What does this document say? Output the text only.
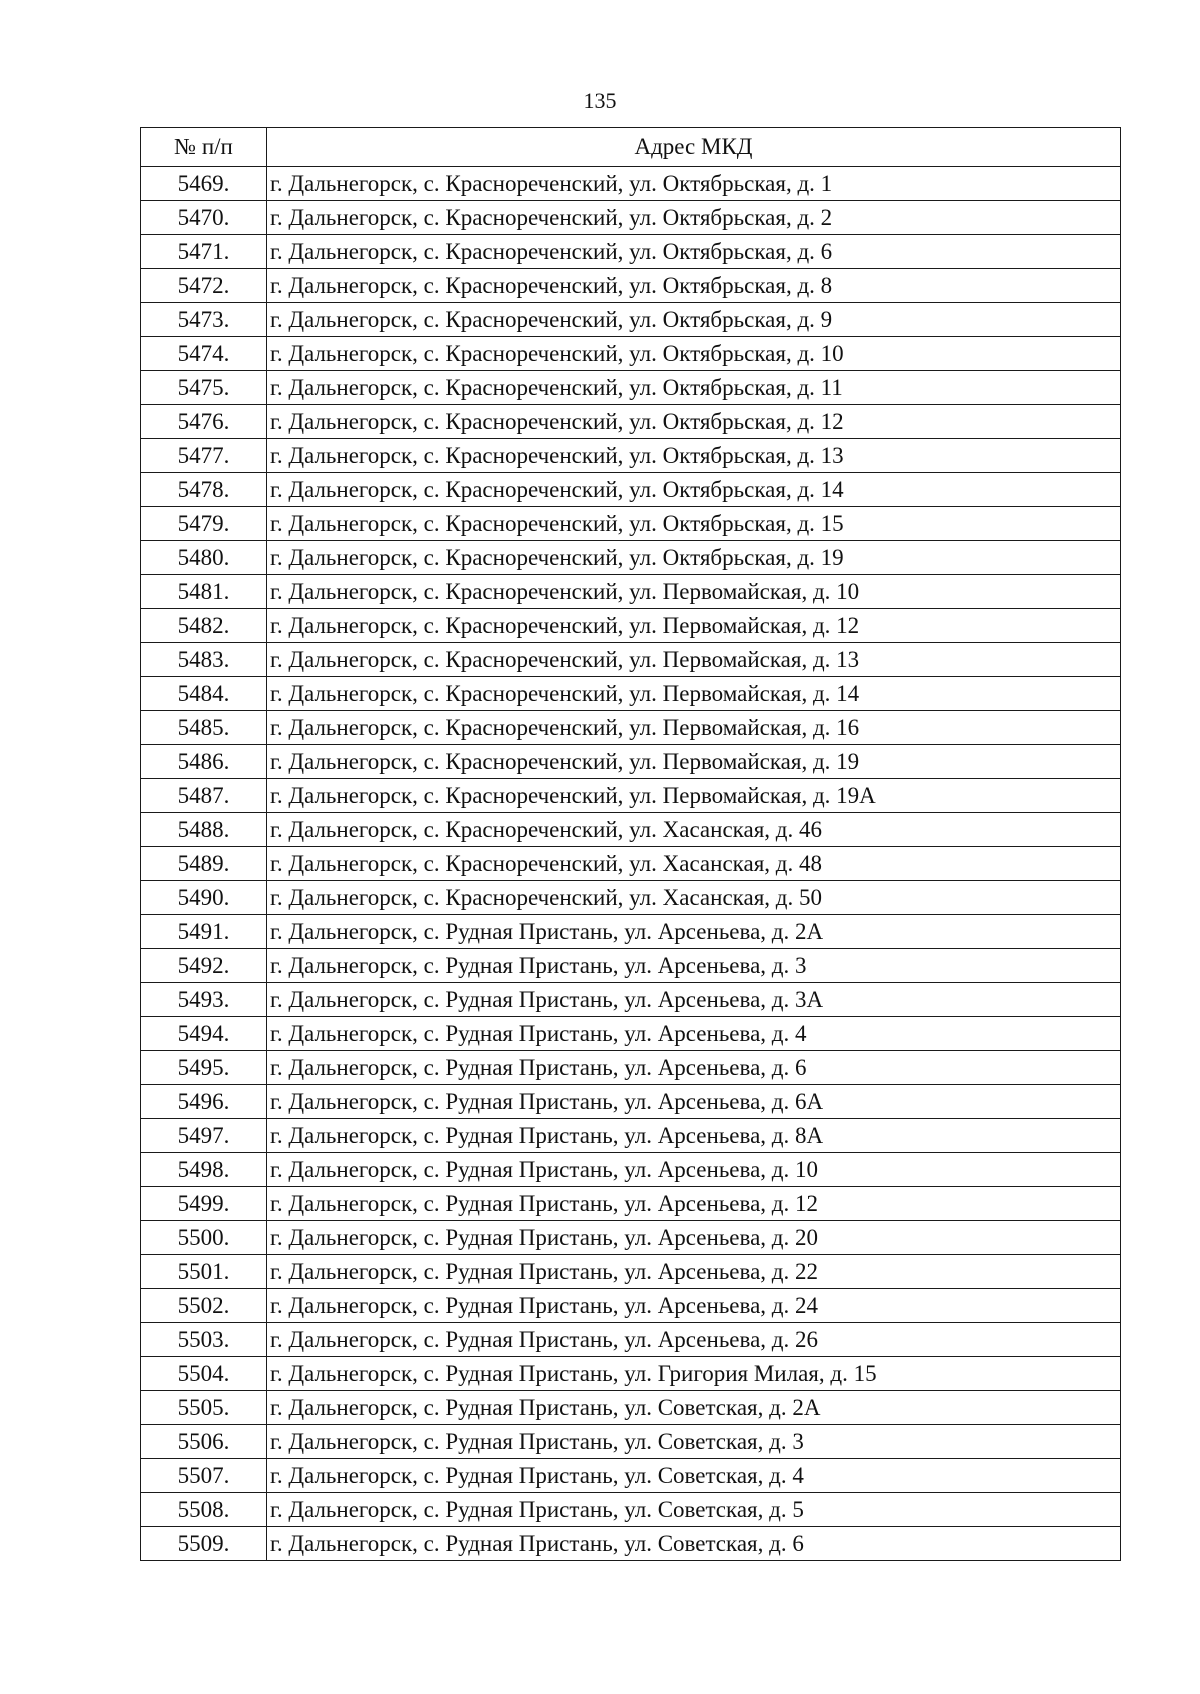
135
№ п/п	Адрес МКД
5469.	г. Дальнегорск, с. Краснореченский, ул. Октябрьская, д. 1
5470.	г. Дальнегорск, с. Краснореченский, ул. Октябрьская, д. 2
5471.	г. Дальнегорск, с. Краснореченский, ул. Октябрьская, д. 6
5472.	г. Дальнегорск, с. Краснореченский, ул. Октябрьская, д. 8
5473.	г. Дальнегорск, с. Краснореченский, ул. Октябрьская, д. 9
5474.	г. Дальнегорск, с. Краснореченский, ул. Октябрьская, д. 10
5475.	г. Дальнегорск, с. Краснореченский, ул. Октябрьская, д. 11
5476.	г. Дальнегорск, с. Краснореченский, ул. Октябрьская, д. 12
5477.	г. Дальнегорск, с. Краснореченский, ул. Октябрьская, д. 13
5478.	г. Дальнегорск, с. Краснореченский, ул. Октябрьская, д. 14
5479.	г. Дальнегорск, с. Краснореченский, ул. Октябрьская, д. 15
5480.	г. Дальнегорск, с. Краснореченский, ул. Октябрьская, д. 19
5481.	г. Дальнегорск, с. Краснореченский, ул. Первомайская, д. 10
5482.	г. Дальнегорск, с. Краснореченский, ул. Первомайская, д. 12
5483.	г. Дальнегорск, с. Краснореченский, ул. Первомайская, д. 13
5484.	г. Дальнегорск, с. Краснореченский, ул. Первомайская, д. 14
5485.	г. Дальнегорск, с. Краснореченский, ул. Первомайская, д. 16
5486.	г. Дальнегорск, с. Краснореченский, ул. Первомайская, д. 19
5487.	г. Дальнегорск, с. Краснореченский, ул. Первомайская, д. 19А
5488.	г. Дальнегорск, с. Краснореченский, ул. Хасанская, д. 46
5489.	г. Дальнегорск, с. Краснореченский, ул. Хасанская, д. 48
5490.	г. Дальнегорск, с. Краснореченский, ул. Хасанская, д. 50
5491.	г. Дальнегорск, с. Рудная Пристань, ул. Арсеньева, д. 2А
5492.	г. Дальнегорск, с. Рудная Пристань, ул. Арсеньева, д. 3
5493.	г. Дальнегорск, с. Рудная Пристань, ул. Арсеньева, д. 3А
5494.	г. Дальнегорск, с. Рудная Пристань, ул. Арсеньева, д. 4
5495.	г. Дальнегорск, с. Рудная Пристань, ул. Арсеньева, д. 6
5496.	г. Дальнегорск, с. Рудная Пристань, ул. Арсеньева, д. 6А
5497.	г. Дальнегорск, с. Рудная Пристань, ул. Арсеньева, д. 8А
5498.	г. Дальнегорск, с. Рудная Пристань, ул. Арсеньева, д. 10
5499.	г. Дальнегорск, с. Рудная Пристань, ул. Арсеньева, д. 12
5500.	г. Дальнегорск, с. Рудная Пристань, ул. Арсеньева, д. 20
5501.	г. Дальнегорск, с. Рудная Пристань, ул. Арсеньева, д. 22
5502.	г. Дальнегорск, с. Рудная Пристань, ул. Арсеньева, д. 24
5503.	г. Дальнегорск, с. Рудная Пристань, ул. Арсеньева, д. 26
5504.	г. Дальнегорск, с. Рудная Пристань, ул. Григория Милая, д. 15
5505.	г. Дальнегорск, с. Рудная Пристань, ул. Советская, д. 2А
5506.	г. Дальнегорск, с. Рудная Пристань, ул. Советская, д. 3
5507.	г. Дальнегорск, с. Рудная Пристань, ул. Советская, д. 4
5508.	г. Дальнегорск, с. Рудная Пристань, ул. Советская, д. 5
5509.	г. Дальнегорск, с. Рудная Пристань, ул. Советская, д. 6
